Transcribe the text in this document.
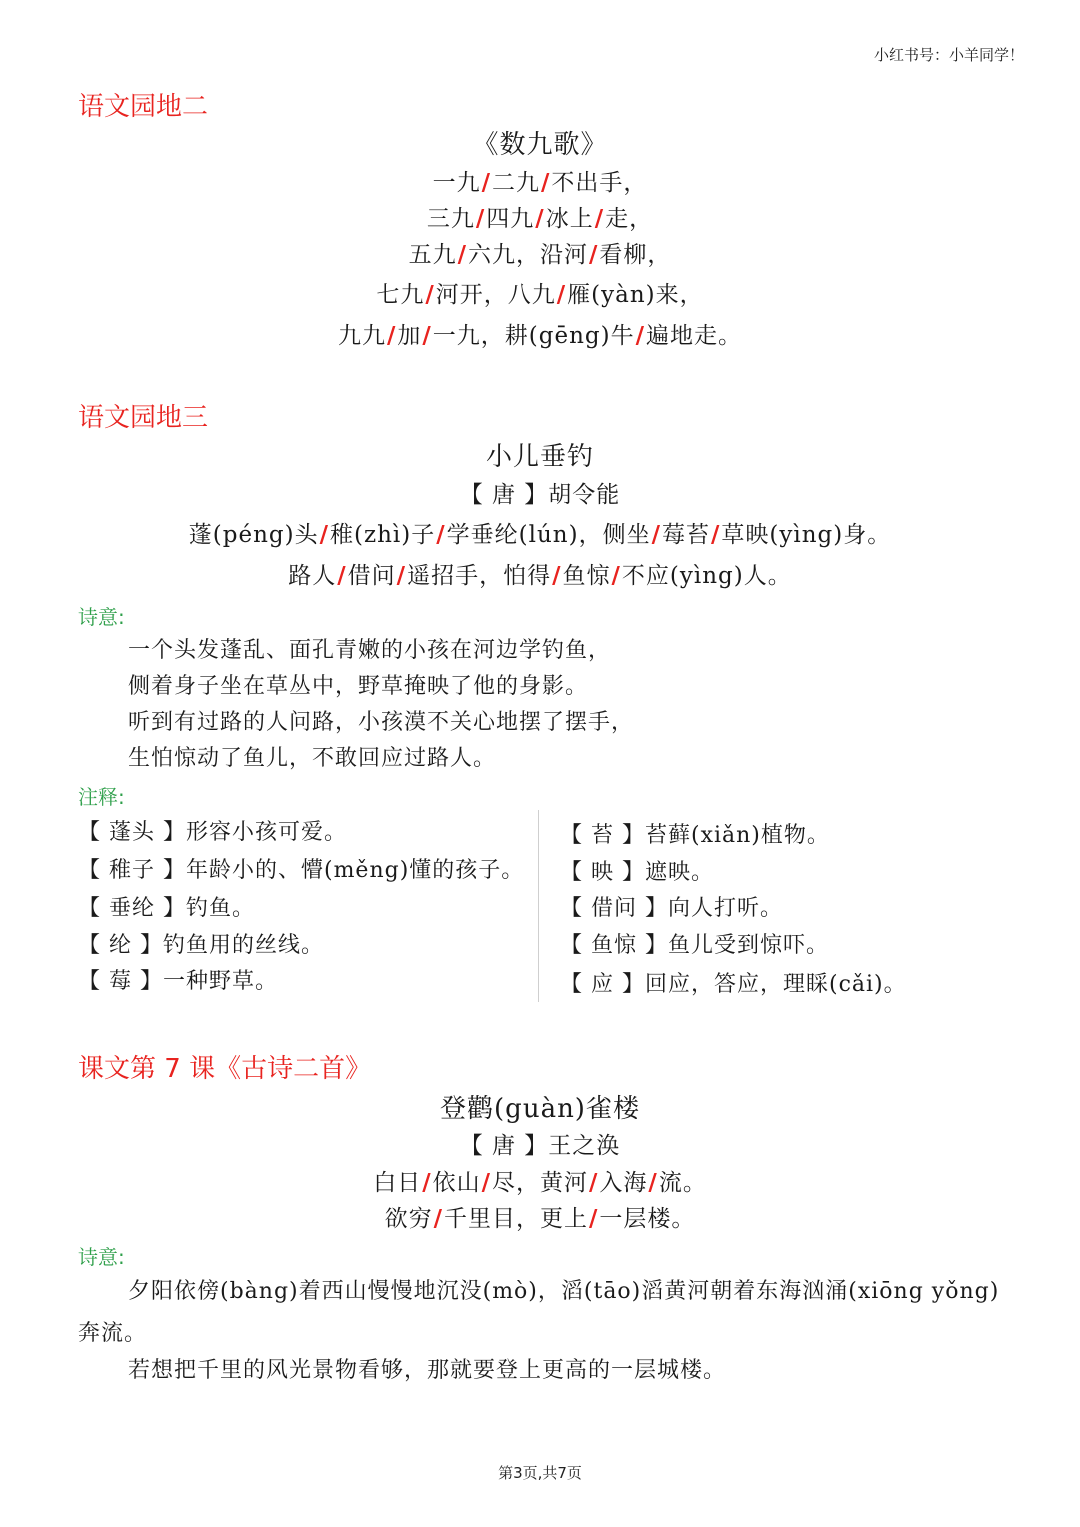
小红书号：小羊同学！
语文园地二
《数九歌》
一九/二九/不出手，
三九/四九/冰上/走，
五九/六九，沿河/看柳，
七九/河开，八九/雁(yàn)来，
九九/加/一九，耕(gēng)牛/遍地走。
语文园地三
小儿垂钓
【 唐 】胡令能
蓬(péng)头/稚(zhì)子/学垂纶(lún)，侧坐/莓苔/草映(yìng)身。
路人/借问/遥招手，怕得/鱼惊/不应(yìng)人。
诗意:
一个头发蓬乱、面孔青嫩的小孩在河边学钓鱼，
侧着身子坐在草丛中，野草掩映了他的身影。
听到有过路的人问路，小孩漠不关心地摆了摆手，
生怕惊动了鱼儿，不敢回应过路人。
注释:
【 蓬头 】形容小孩可爱。
【 稚子 】年龄小的、懵(měng)懂的孩子。
【 垂纶 】钓鱼。
【 纶 】钓鱼用的丝线。
【 莓 】一种野草。
【 苔 】苔藓(xiǎn)植物。
【 映 】遮映。
【 借问 】向人打听。
【 鱼惊 】鱼儿受到惊吓。
【 应 】回应，答应，理睬(cǎi)。
课文第 7 课《古诗二首》
登鹳(guàn)雀楼
【 唐 】王之涣
白日/依山/尽，黄河/入海/流。
欲穷/千里目，更上/一层楼。
诗意:
夕阳依傍(bàng)着西山慢慢地沉没(mò)，滔(tāo)滔黄河朝着东海汹涌(xiōng yǒng)奔流。
若想把千里的风光景物看够，那就要登上更高的一层城楼。
第3页,共7页
